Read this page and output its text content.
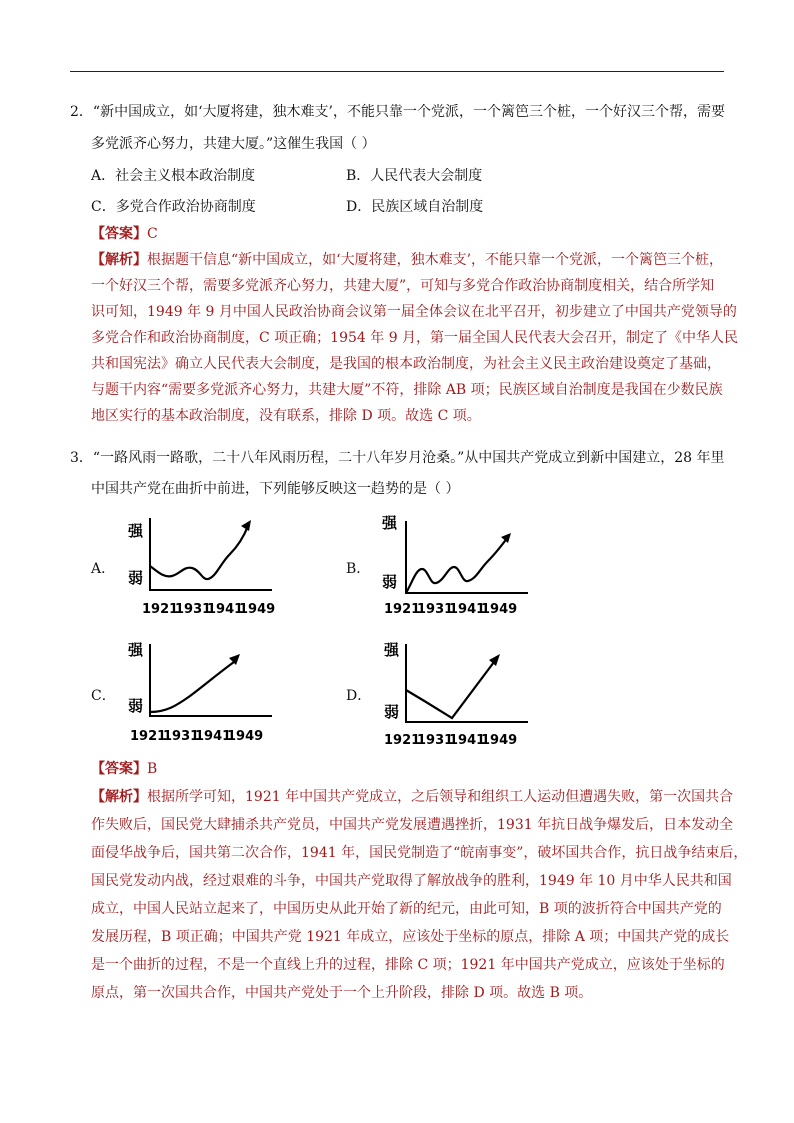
2．“新中国成立，如‘大厦将建，独木难支’，不能只靠一个党派，一个篱笆三个桩，一个好汉三个帮，需要
多党派齐心努力，共建大厦。”这催生我国（ ）
A．社会主义根本政治制度	B．人民代表大会制度
C．多党合作政治协商制度	D．民族区域自治制度
【答案】C
【解析】根据题干信息“新中国成立，如‘大厦将建，独木难支’，不能只靠一个党派，一个篱笆三个桩，
一个好汉三个帮，需要多党派齐心努力，共建大厦”，可知与多党合作政治协商制度相关，结合所学知
识可知，1949 年 9 月中国人民政治协商会议第一届全体会议在北平召开，初步建立了中国共产党领导的
多党合作和政治协商制度，C 项正确；1954 年 9 月，第一届全国人民代表大会召开，制定了《中华人民
共和国宪法》确立人民代表大会制度，是我国的根本政治制度，为社会主义民主政治建设奠定了基础，
与题干内容“需要多党派齐心努力，共建大厦”不符，排除 AB 项；民族区域自治制度是我国在少数民族
地区实行的基本政治制度，没有联系，排除 D 项。故选 C 项。
3．“一路风雨一路歌，二十八年风雨历程，二十八年岁月沧桑。”从中国共产党成立到新中国建立，28 年里
中国共产党在曲折中前进，下列能够反映这一趋势的是（ ）
A．
强
弱
1921
1931
1941
1949
B．
强
弱
1921
1931
1941
1949
C．
强
弱
1921
1931
1941
1949
D．
强
弱
1921
1931
1941
1949
【答案】B
【解析】根据所学可知，1921 年中国共产党成立，之后领导和组织工人运动但遭遇失败，第一次国共合
作失败后，国民党大肆捕杀共产党员，中国共产党发展遭遇挫折，1931 年抗日战争爆发后，日本发动全
面侵华战争后，国共第二次合作，1941 年，国民党制造了“皖南事变”，破坏国共合作，抗日战争结束后，
国民党发动内战，经过艰难的斗争，中国共产党取得了解放战争的胜利，1949 年 10 月中华人民共和国
成立，中国人民站立起来了，中国历史从此开始了新的纪元，由此可知，B 项的波折符合中国共产党的
发展历程，B 项正确；中国共产党 1921 年成立，应该处于坐标的原点，排除 A 项；中国共产党的成长
是一个曲折的过程，不是一个直线上升的过程，排除 C 项；1921 年中国共产党成立，应该处于坐标的
原点，第一次国共合作，中国共产党处于一个上升阶段，排除 D 项。故选 B 项。
